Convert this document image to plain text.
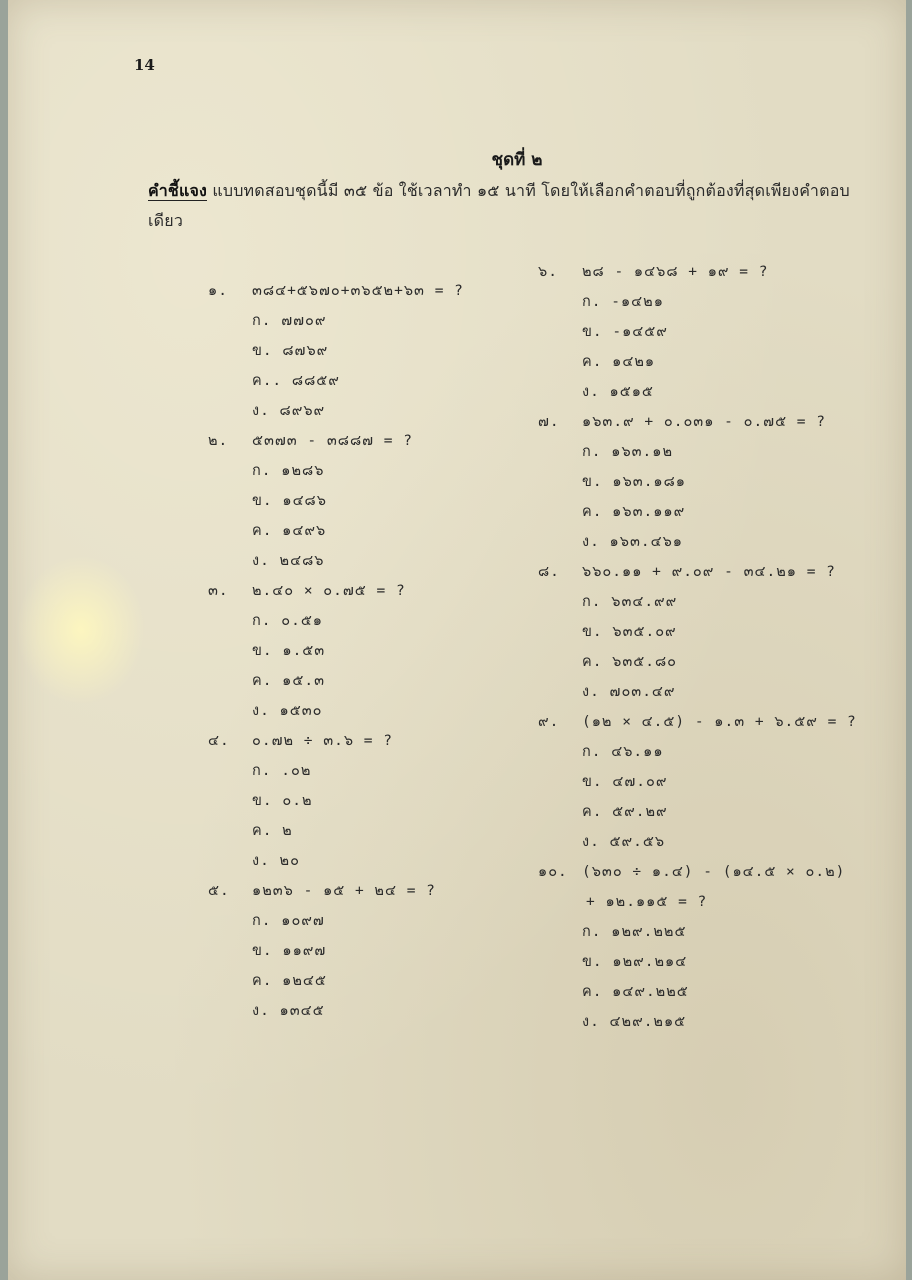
14
ชุดที่ ๒
คำชี้แจง แบบทดสอบชุดนี้มี ๓๕ ข้อ ใช้เวลาทำ ๑๕ นาที โดยให้เลือกคำตอบที่ถูกต้องที่สุดเพียงคำตอบเดียว
๑. ๓๘๔+๕๖๗๐+๓๖๕๒+๖๓ = ?
ก. ๗๗๐๙
ข. ๘๗๖๙
ค.. ๘๘๕๙
ง. ๘๙๖๙
๒. ๕๓๗๓ - ๓๘๘๗ = ?
ก. ๑๒๘๖
ข. ๑๔๘๖
ค. ๑๔๙๖
ง. ๒๔๘๖
๓. ๒.๔๐ × ๐.๗๕ = ?
ก. ๐.๕๑
ข. ๑.๕๓
ค. ๑๕.๓
ง. ๑๕๓๐
๔. ๐.๗๒ ÷ ๓.๖ = ?
ก. .๐๒
ข. ๐.๒
ค. ๒
ง. ๒๐
๕. ๑๒๓๖ - ๑๕ + ๒๔ = ?
ก. ๑๐๙๗
ข. ๑๑๙๗
ค. ๑๒๔๕
ง. ๑๓๔๕
๖. ๒๘ - ๑๔๖๘ + ๑๙ = ?
ก. -๑๔๒๑
ข. -๑๔๕๙
ค. ๑๔๒๑
ง. ๑๕๑๕
๗. ๑๖๓.๙ + ๐.๐๓๑ - ๐.๗๕ = ?
ก. ๑๖๓.๑๒
ข. ๑๖๓.๑๘๑
ค. ๑๖๓.๑๑๙
ง. ๑๖๓.๔๖๑
๘. ๖๖๐.๑๑ + ๙.๐๙ - ๓๔.๒๑ = ?
ก. ๖๓๔.๙๙
ข. ๖๓๕.๐๙
ค. ๖๓๕.๘๐
ง. ๗๐๓.๔๙
๙. (๑๒ × ๔.๕) - ๑.๓ + ๖.๕๙ = ?
ก. ๔๖.๑๑
ข. ๔๗.๐๙
ค. ๕๙.๒๙
ง. ๕๙.๕๖
๑๐. (๖๓๐ ÷ ๑.๔) - (๑๔.๕ × ๐.๒)
+ ๑๒.๑๑๕ = ?
ก. ๑๒๙.๒๒๕
ข. ๑๒๙.๒๑๔
ค. ๑๔๙.๒๒๕
ง. ๔๒๙.๒๑๕
